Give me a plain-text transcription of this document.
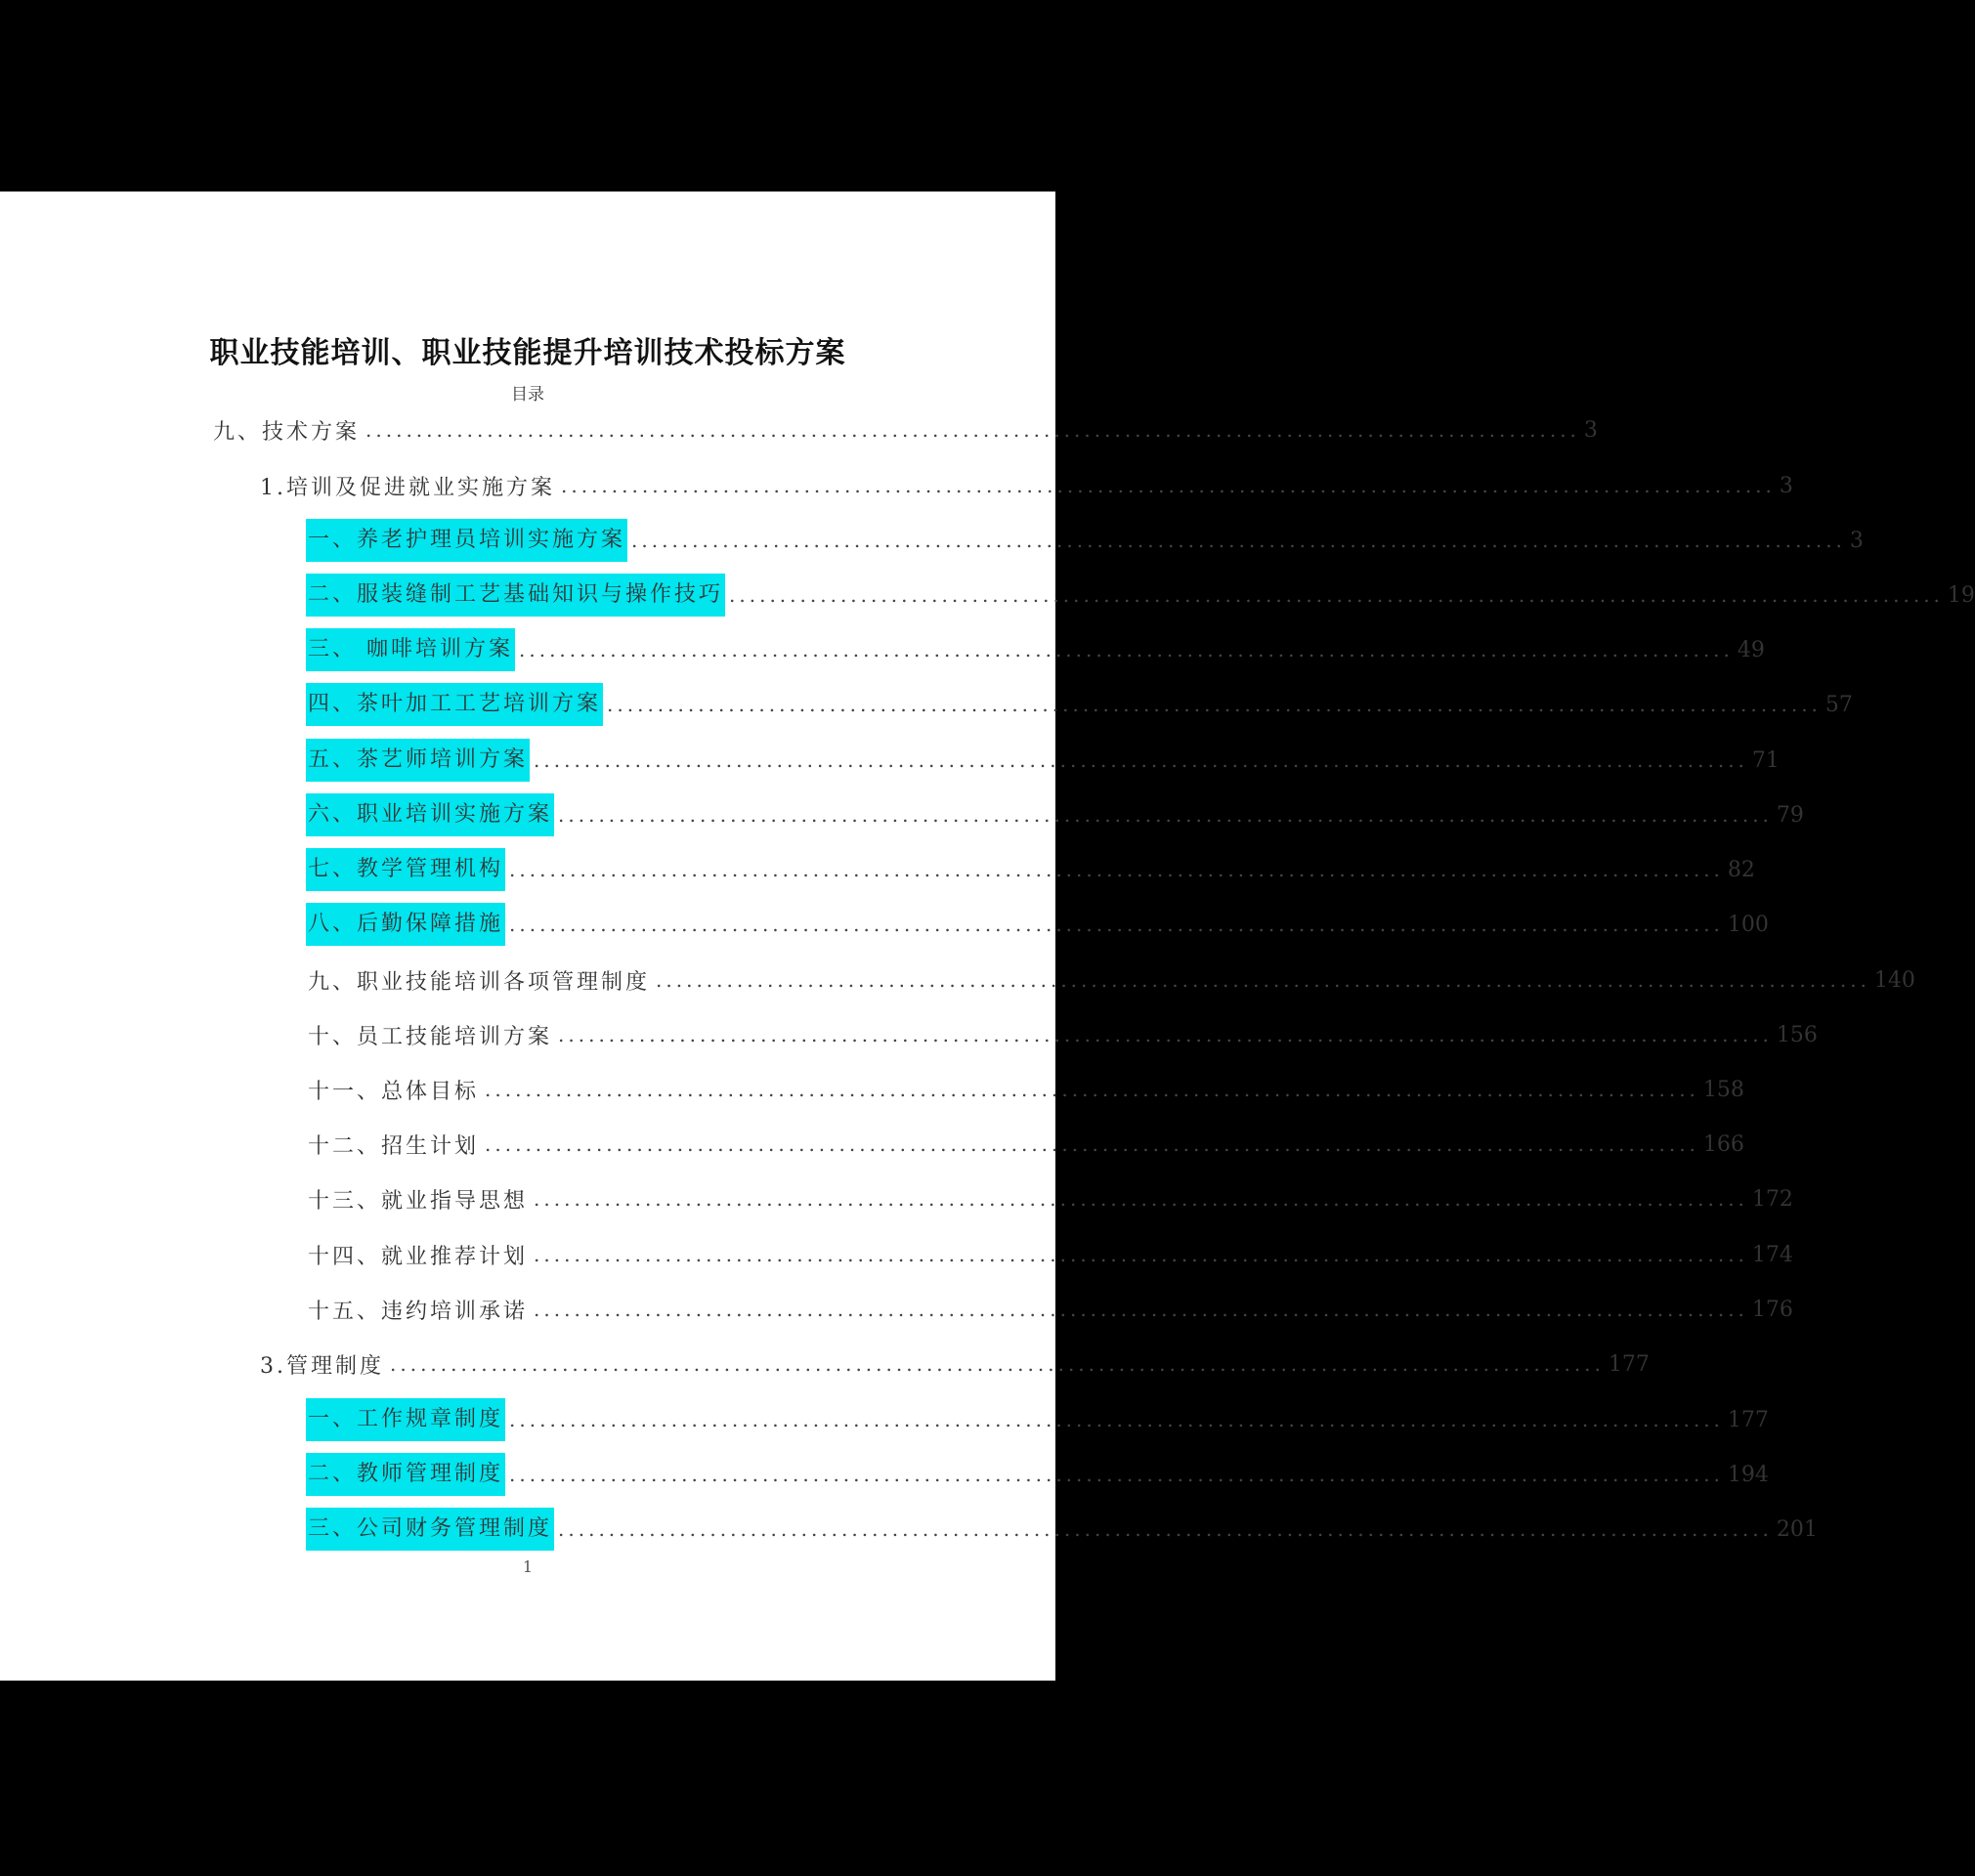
职业技能培训、职业技能提升培训技术投标方案
目录
九、技术方案 ........................................................................................................................ 3
1.培训及促进就业实施方案 ........................................................................................................................ 3
一、养老护理员培训实施方案 ........................................................................................................................ 3
二、服装缝制工艺基础知识与操作技巧 ........................................................................................................................ 19
三、 咖啡培训方案 ........................................................................................................................ 49
四、茶叶加工工艺培训方案 ........................................................................................................................ 57
五、茶艺师培训方案 ........................................................................................................................ 71
六、职业培训实施方案 ........................................................................................................................ 79
七、教学管理机构 ........................................................................................................................ 82
八、后勤保障措施 ........................................................................................................................ 100
九、职业技能培训各项管理制度 ........................................................................................................................ 140
十、员工技能培训方案 ........................................................................................................................ 156
十一、总体目标 ........................................................................................................................ 158
十二、招生计划 ........................................................................................................................ 166
十三、就业指导思想 ........................................................................................................................ 172
十四、就业推荐计划 ........................................................................................................................ 174
十五、违约培训承诺 ........................................................................................................................ 176
3.管理制度 ........................................................................................................................ 177
一、工作规章制度 ........................................................................................................................ 177
二、教师管理制度 ........................................................................................................................ 194
三、公司财务管理制度 ........................................................................................................................ 201
1
